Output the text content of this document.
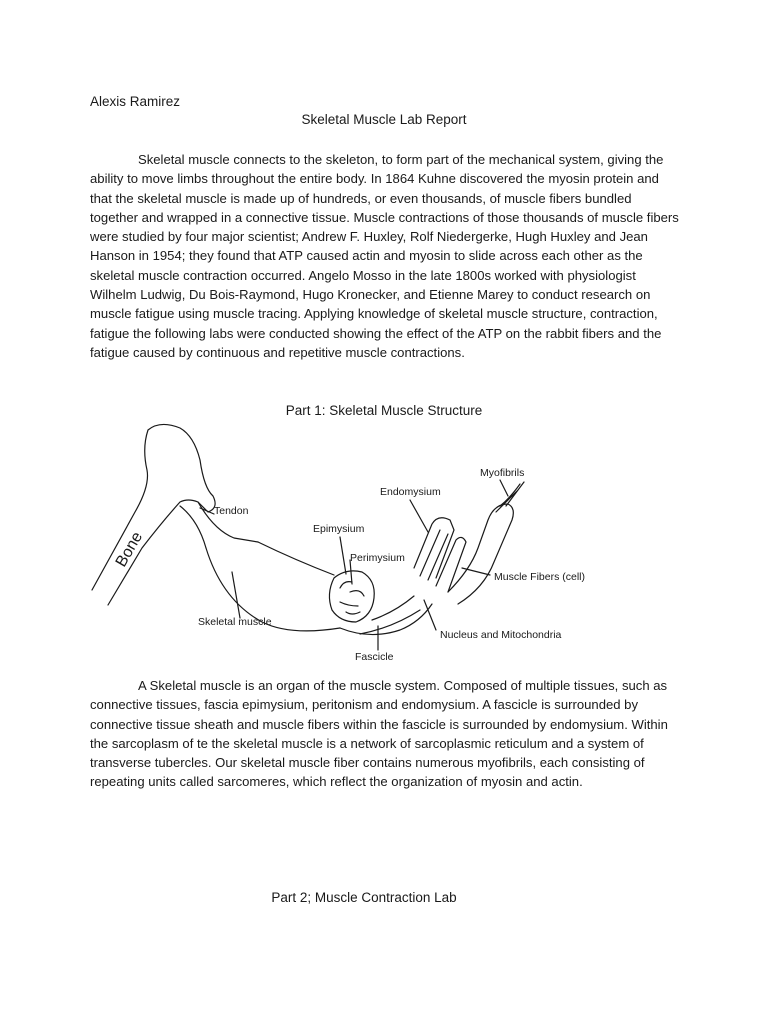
Alexis Ramirez
Skeletal Muscle Lab Report

Skeletal muscle connects to the skeleton, to form part of the mechanical system, giving the ability to move limbs throughout the entire body. In 1864 Kuhne discovered the myosin protein and that the skeletal muscle is made up of hundreds, or even thousands, of muscle fibers bundled together and wrapped in a connective tissue. Muscle contractions of those thousands of muscle fibers were studied by four major scientist; Andrew F. Huxley, Rolf Niedergerke, Hugh Huxley and Jean Hanson in 1954; they found that ATP caused actin and myosin to slide across each other as the skeletal muscle contraction occurred. Angelo Mosso in the late 1800s worked with physiologist Wilhelm Ludwig, Du Bois-Raymond, Hugo Kronecker, and Etienne Marey to conduct research on muscle fatigue using muscle tracing. Applying knowledge of skeletal muscle structure, contraction, fatigue the following labs were conducted showing the effect of the ATP on the rabbit fibers and the fatigue caused by continuous and repetitive muscle contractions.

Part 1: Skeletal Muscle Structure
Bone
Tendon
Epimysium
Perimysium
Endomysium
Myofibrils
Muscle Fibers (cell)
Skeletal muscle
Nucleus and Mitochondria
Fascicle

A Skeletal muscle is an organ of the muscle system. Composed of multiple tissues, such as connective tissues, fascia epimysium, peritonism and endomysium. A fascicle is surrounded by connective tissue sheath and muscle fibers within the fascicle is surrounded by endomysium. Within the sarcoplasm of te the skeletal muscle is a network of sarcoplasmic reticulum and a system of transverse tubercles. Our skeletal muscle fiber contains numerous myofibrils, each consisting of repeating units called sarcomeres, which reflect the organization of myosin and actin.

Part 2; Muscle Contraction Lab
